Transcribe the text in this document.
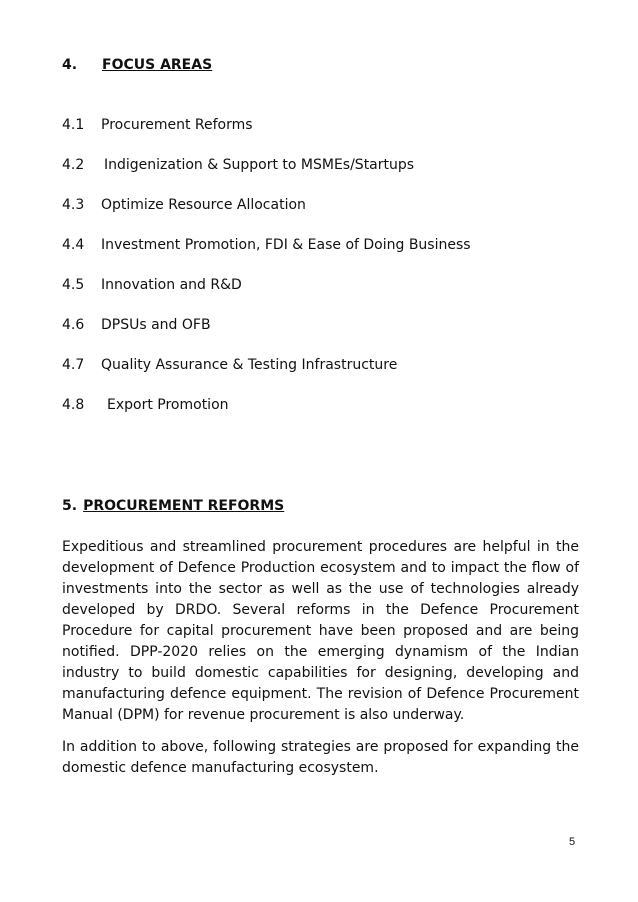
4. FOCUS AREAS
4.1 Procurement Reforms
4.2 Indigenization & Support to MSMEs/Startups
4.3 Optimize Resource Allocation
4.4 Investment Promotion, FDI & Ease of Doing Business
4.5 Innovation and R&D
4.6 DPSUs and OFB
4.7 Quality Assurance & Testing Infrastructure
4.8 Export Promotion
5. PROCUREMENT REFORMS

Expeditious and streamlined procurement procedures are helpful in the development of Defence Production ecosystem and to impact the flow of investments into the sector as well as the use of technologies already developed by DRDO. Several reforms in the Defence Procurement Procedure for capital procurement have been proposed and are being notified. DPP-2020 relies on the emerging dynamism of the Indian industry to build domestic capabilities for designing, developing and manufacturing defence equipment. The revision of Defence Procurement Manual (DPM) for revenue procurement is also underway.

In addition to above, following strategies are proposed for expanding the domestic defence manufacturing ecosystem.

5
